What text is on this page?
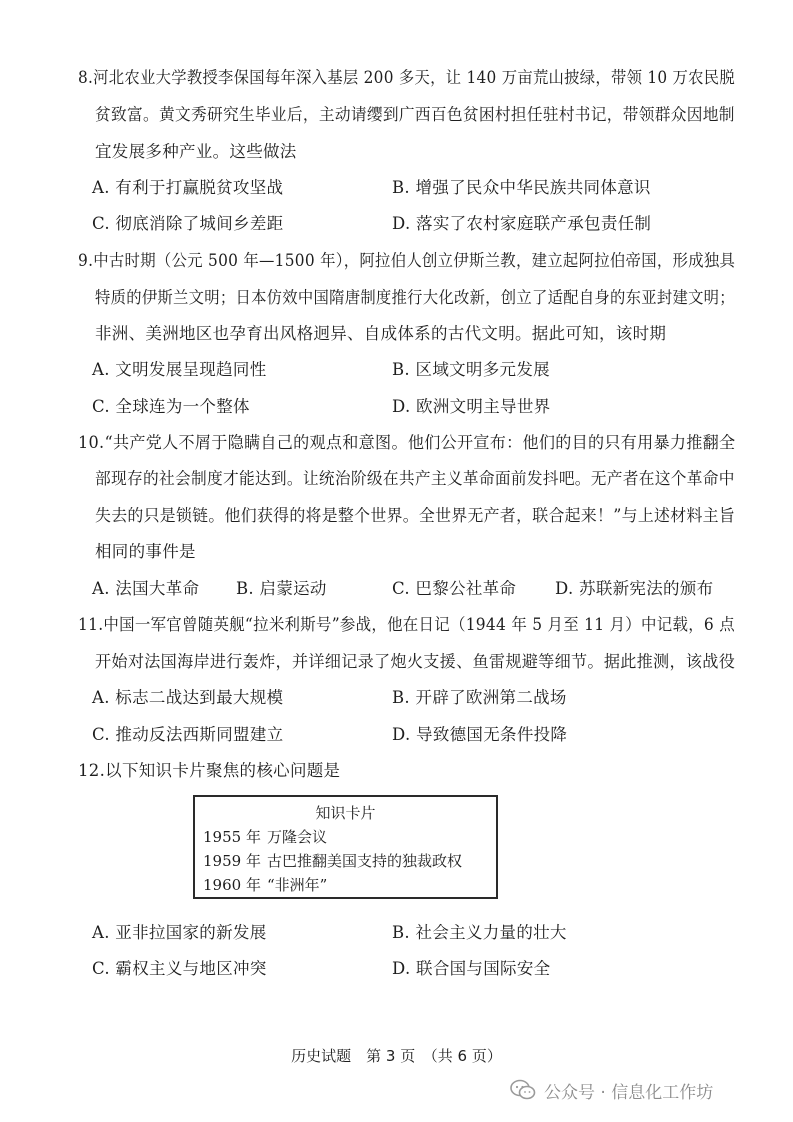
8.河北农业大学教授李保国每年深入基层 200 多天，让 140 万亩荒山披绿，带领 10 万农民脱
贫致富。黄文秀研究生毕业后，主动请缨到广西百色贫困村担任驻村书记，带领群众因地制
宜发展多种产业。这些做法
A. 有利于打赢脱贫攻坚战	B. 增强了民众中华民族共同体意识
C. 彻底消除了城间乡差距	D. 落实了农村家庭联产承包责任制
9.中古时期（公元 500 年—1500 年），阿拉伯人创立伊斯兰教，建立起阿拉伯帝国，形成独具
特质的伊斯兰文明；日本仿效中国隋唐制度推行大化改新，创立了适配自身的东亚封建文明；
非洲、美洲地区也孕育出风格迥异、自成体系的古代文明。据此可知，该时期
A. 文明发展呈现趋同性	B. 区域文明多元发展
C. 全球连为一个整体	D. 欧洲文明主导世界
10.“共产党人不屑于隐瞒自己的观点和意图。他们公开宣布：他们的目的只有用暴力推翻全
部现存的社会制度才能达到。让统治阶级在共产主义革命面前发抖吧。无产者在这个革命中
失去的只是锁链。他们获得的将是整个世界。全世界无产者，联合起来！”与上述材料主旨
相同的事件是
A. 法国大革命 B. 启蒙运动	C. 巴黎公社革命 D. 苏联新宪法的颁布
11.中国一军官曾随英舰“拉米利斯号”参战，他在日记（1944 年 5 月至 11 月）中记载，6 点
开始对法国海岸进行轰炸，并详细记录了炮火支援、鱼雷规避等细节。据此推测，该战役
A. 标志二战达到最大规模	B. 开辟了欧洲第二战场
C. 推动反法西斯同盟建立	D. 导致德国无条件投降
12.以下知识卡片聚焦的核心问题是
知识卡片
1955 年 万隆会议
1959 年 古巴推翻美国支持的独裁政权
1960 年 “非洲年”
A. 亚非拉国家的新发展	B. 社会主义力量的壮大
C. 霸权主义与地区冲突	D. 联合国与国际安全
历史试题　第 3 页　（共 6 页）
公众号 · 信息化工作坊
